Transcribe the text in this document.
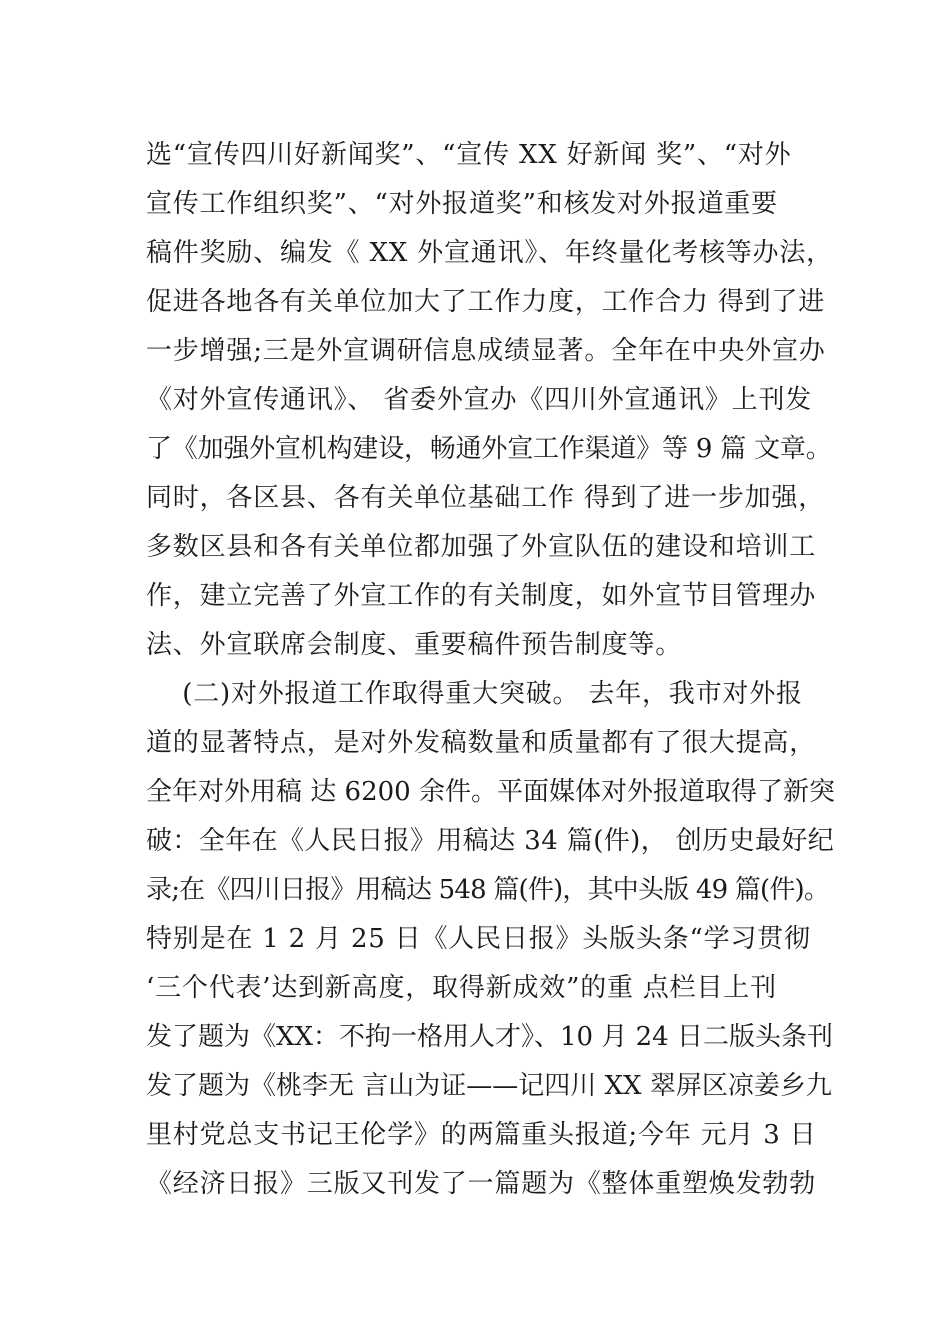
选“宣传四川好新闻奖”、“宣传 XX 好新闻 奖”、“对外
宣传工作组织奖”、“对外报道奖”和核发对外报道重要
稿件奖励、编发《 XX 外宣通讯》、年终量化考核等办法，
促进各地各有关单位加大了工作力度，工作合力 得到了进
一步增强;三是外宣调研信息成绩显著。全年在中央外宣办
《对外宣传通讯》、 省委外宣办《四川外宣通讯》上刊发
了《加强外宣机构建设，畅通外宣工作渠道》等 9 篇 文章。
同时，各区县、各有关单位基础工作 得到了进一步加强，
多数区县和各有关单位都加强了外宣队伍的建设和培训工
作，建立完善了外宣工作的有关制度，如外宣节目管理办
法、外宣联席会制度、重要稿件预告制度等。
(二)对外报道工作取得重大突破。 去年，我市对外报
道的显著特点，是对外发稿数量和质量都有了很大提高，
全年对外用稿 达 6200 余件。平面媒体对外报道取得了新突
破：全年在《人民日报》用稿达 34 篇(件)， 创历史最好纪
录;在《四川日报》用稿达 548 篇(件)，其中头版 49 篇(件)。
特别是在 1 2 月 25 日《人民日报》头版头条“学习贯彻
‘三个代表’达到新高度，取得新成效”的重 点栏目上刊
发了题为《XX：不拘一格用人才》、10 月 24 日二版头条刊
发了题为《桃李无 言山为证——记四川 XX 翠屏区凉姜乡九
里村党总支书记王伦学》的两篇重头报道;今年 元月 3 日
《经济日报》三版又刊发了一篇题为《整体重塑焕发勃勃
